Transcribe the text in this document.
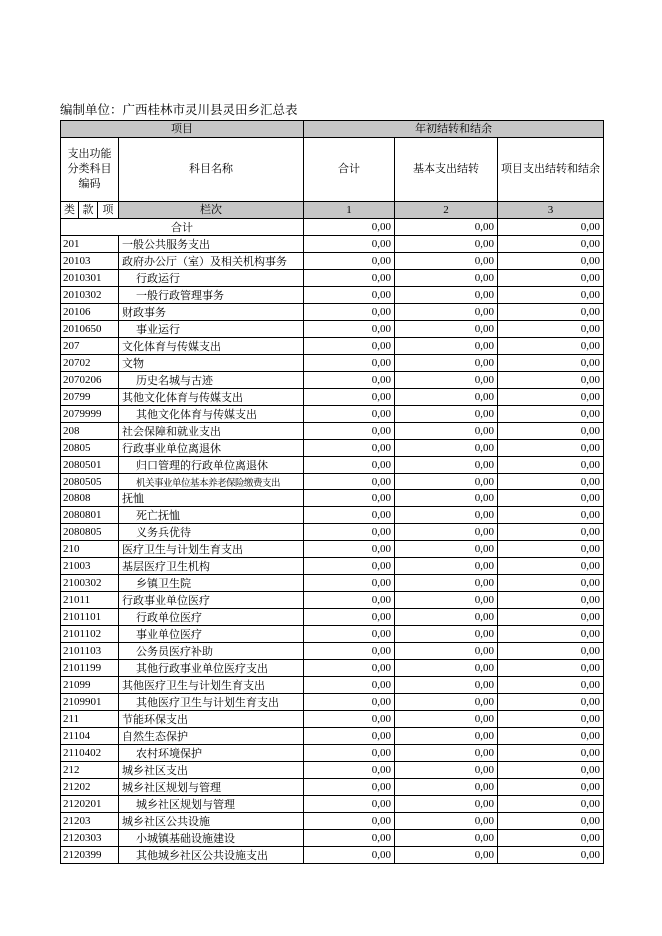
编制单位：广西桂林市灵川县灵田乡汇总表
项目				年初结转和结余		
支出功能分类科目编码			科目名称	合计	基本支出结转	项目支出结转和结余
类	款	项	栏次	1	2	3
合计				0,00	0,00	0,00
201			一般公共服务支出	0,00	0,00	0,00
20103			政府办公厅（室）及相关机构事务	0,00	0,00	0,00
2010301			行政运行	0,00	0,00	0,00
2010302			一般行政管理事务	0,00	0,00	0,00
20106			财政事务	0,00	0,00	0,00
2010650			事业运行	0,00	0,00	0,00
207			文化体育与传媒支出	0,00	0,00	0,00
20702			文物	0,00	0,00	0,00
2070206			历史名城与古迹	0,00	0,00	0,00
20799			其他文化体育与传媒支出	0,00	0,00	0,00
2079999			其他文化体育与传媒支出	0,00	0,00	0,00
208			社会保障和就业支出	0,00	0,00	0,00
20805			行政事业单位离退休	0,00	0,00	0,00
2080501			归口管理的行政单位离退休	0,00	0,00	0,00
2080505			机关事业单位基本养老保险缴费支出	0,00	0,00	0,00
20808			抚恤	0,00	0,00	0,00
2080801			死亡抚恤	0,00	0,00	0,00
2080805			义务兵优待	0,00	0,00	0,00
210			医疗卫生与计划生育支出	0,00	0,00	0,00
21003			基层医疗卫生机构	0,00	0,00	0,00
2100302			乡镇卫生院	0,00	0,00	0,00
21011			行政事业单位医疗	0,00	0,00	0,00
2101101			行政单位医疗	0,00	0,00	0,00
2101102			事业单位医疗	0,00	0,00	0,00
2101103			公务员医疗补助	0,00	0,00	0,00
2101199			其他行政事业单位医疗支出	0,00	0,00	0,00
21099			其他医疗卫生与计划生育支出	0,00	0,00	0,00
2109901			其他医疗卫生与计划生育支出	0,00	0,00	0,00
211			节能环保支出	0,00	0,00	0,00
21104			自然生态保护	0,00	0,00	0,00
2110402			农村环境保护	0,00	0,00	0,00
212			城乡社区支出	0,00	0,00	0,00
21202			城乡社区规划与管理	0,00	0,00	0,00
2120201			城乡社区规划与管理	0,00	0,00	0,00
21203			城乡社区公共设施	0,00	0,00	0,00
2120303			小城镇基础设施建设	0,00	0,00	0,00
2120399			其他城乡社区公共设施支出	0,00	0,00	0,00
